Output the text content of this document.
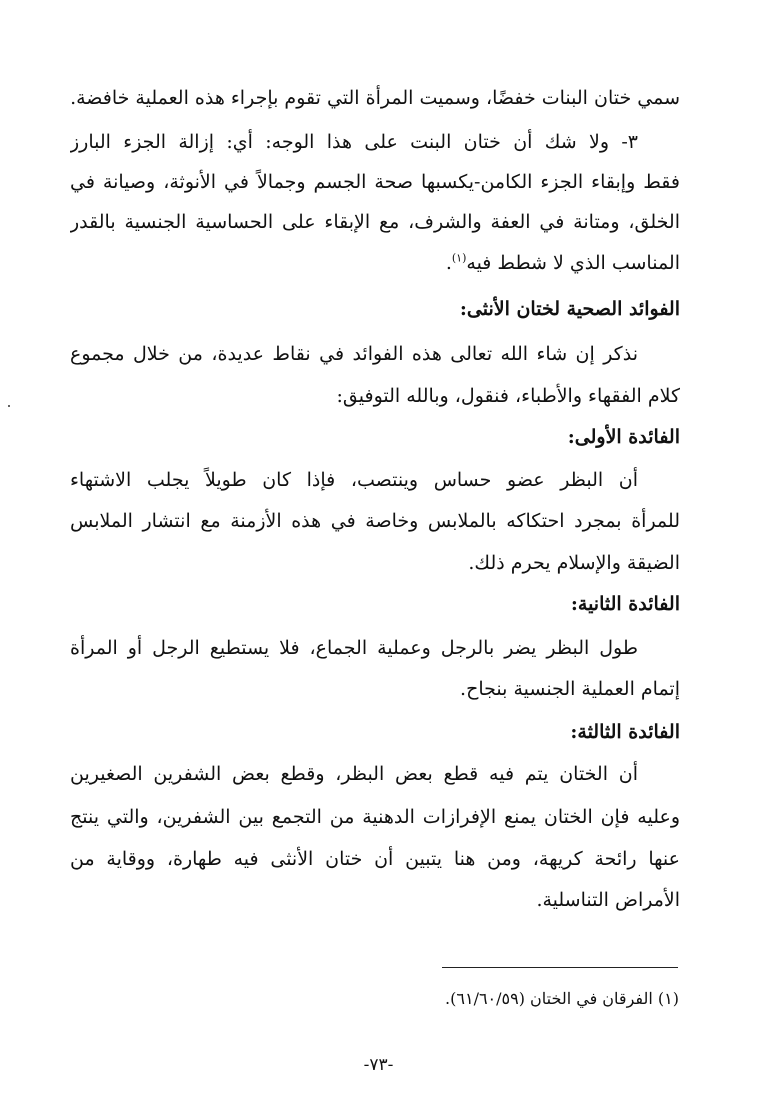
سمي ختان البنات خفضًا، وسميت المرأة التي تقوم بإجراء هذه العملية خافضة.
٣- ولا شك أن ختان البنت على هذا الوجه: أي: إزالة الجزء البارز
فقط وإبقاء الجزء الكامن-يكسبها صحة الجسم وجمالاً في الأنوثة، وصيانة في
الخلق، ومتانة في العفة والشرف، مع الإبقاء على الحساسية الجنسية بالقدر
المناسب الذي لا شطط فيه$^{(١)}$.
الفوائد الصحية لختان الأنثى:
نذكر إن شاء الله تعالى هذه الفوائد في نقاط عديدة، من خلال مجموع
كلام الفقهاء والأطباء، فنقول، وبالله التوفيق:
الفائدة الأولى:
أن البظر عضو حساس وينتصب، فإذا كان طويلاً يجلب الاشتهاء
للمرأة بمجرد احتكاكه بالملابس وخاصة في هذه الأزمنة مع انتشار الملابس
الضيقة والإسلام يحرم ذلك.
الفائدة الثانية:
طول البظر يضر بالرجل وعملية الجماع، فلا يستطيع الرجل أو المرأة
إتمام العملية الجنسية بنجاح.
الفائدة الثالثة:
أن الختان يتم فيه قطع بعض البظر، وقطع بعض الشفرين الصغيرين
وعليه فإن الختان يمنع الإفرازات الدهنية من التجمع بين الشفرين، والتي ينتج
عنها رائحة كريهة، ومن هنا يتبين أن ختان الأنثى فيه طهارة، ووقاية من
الأمراض التناسلية.
(١) الفرقان في الختان (٦١/٦٠/٥٩).
-٧٣-
